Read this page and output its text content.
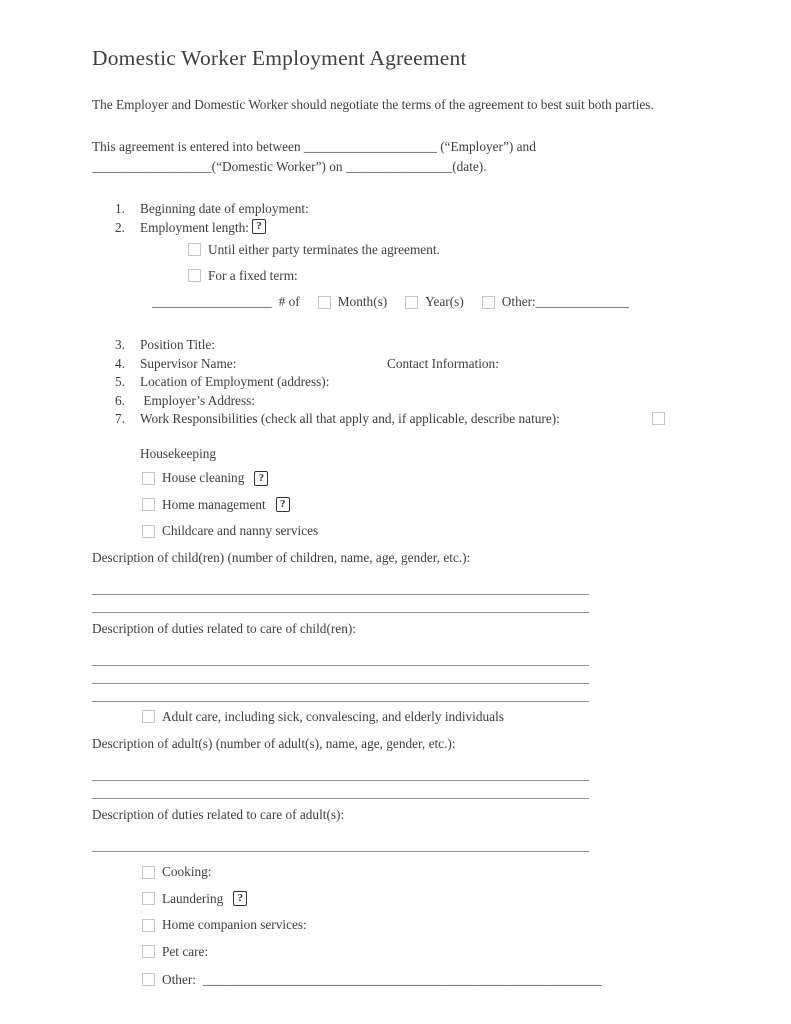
Domestic Worker Employment Agreement

The Employer and Domestic Worker should negotiate the terms of the agreement to best suit both parties.

This agreement is entered into between ____________________ (“Employer”) and
__________________(“Domestic Worker”) on ________________(date).

1.	Beginning date of employment:
2.	Employment length: ?
Until either party terminates the agreement.
For a fixed term:
__________________ # of	Month(s)	Year(s)	Other:______________
3.	Position Title:
4.	Supervisor Name:	Contact Information:
5.	Location of Employment (address):
6.	Employer’s Address:
7.	Work Responsibilities (check all that apply and, if applicable, describe nature):
Housekeeping
House cleaning	?
Home management	?
Childcare and nanny services
Description of child(ren) (number of children, name, age, gender, etc.):
Description of duties related to care of child(ren):
Adult care, including sick, convalescing, and elderly individuals
Description of adult(s) (number of adult(s), name, age, gender, etc.):
Description of duties related to care of adult(s):
Cooking:
Laundering	?
Home companion services:
Pet care:
Other: ____________________________________________________________
